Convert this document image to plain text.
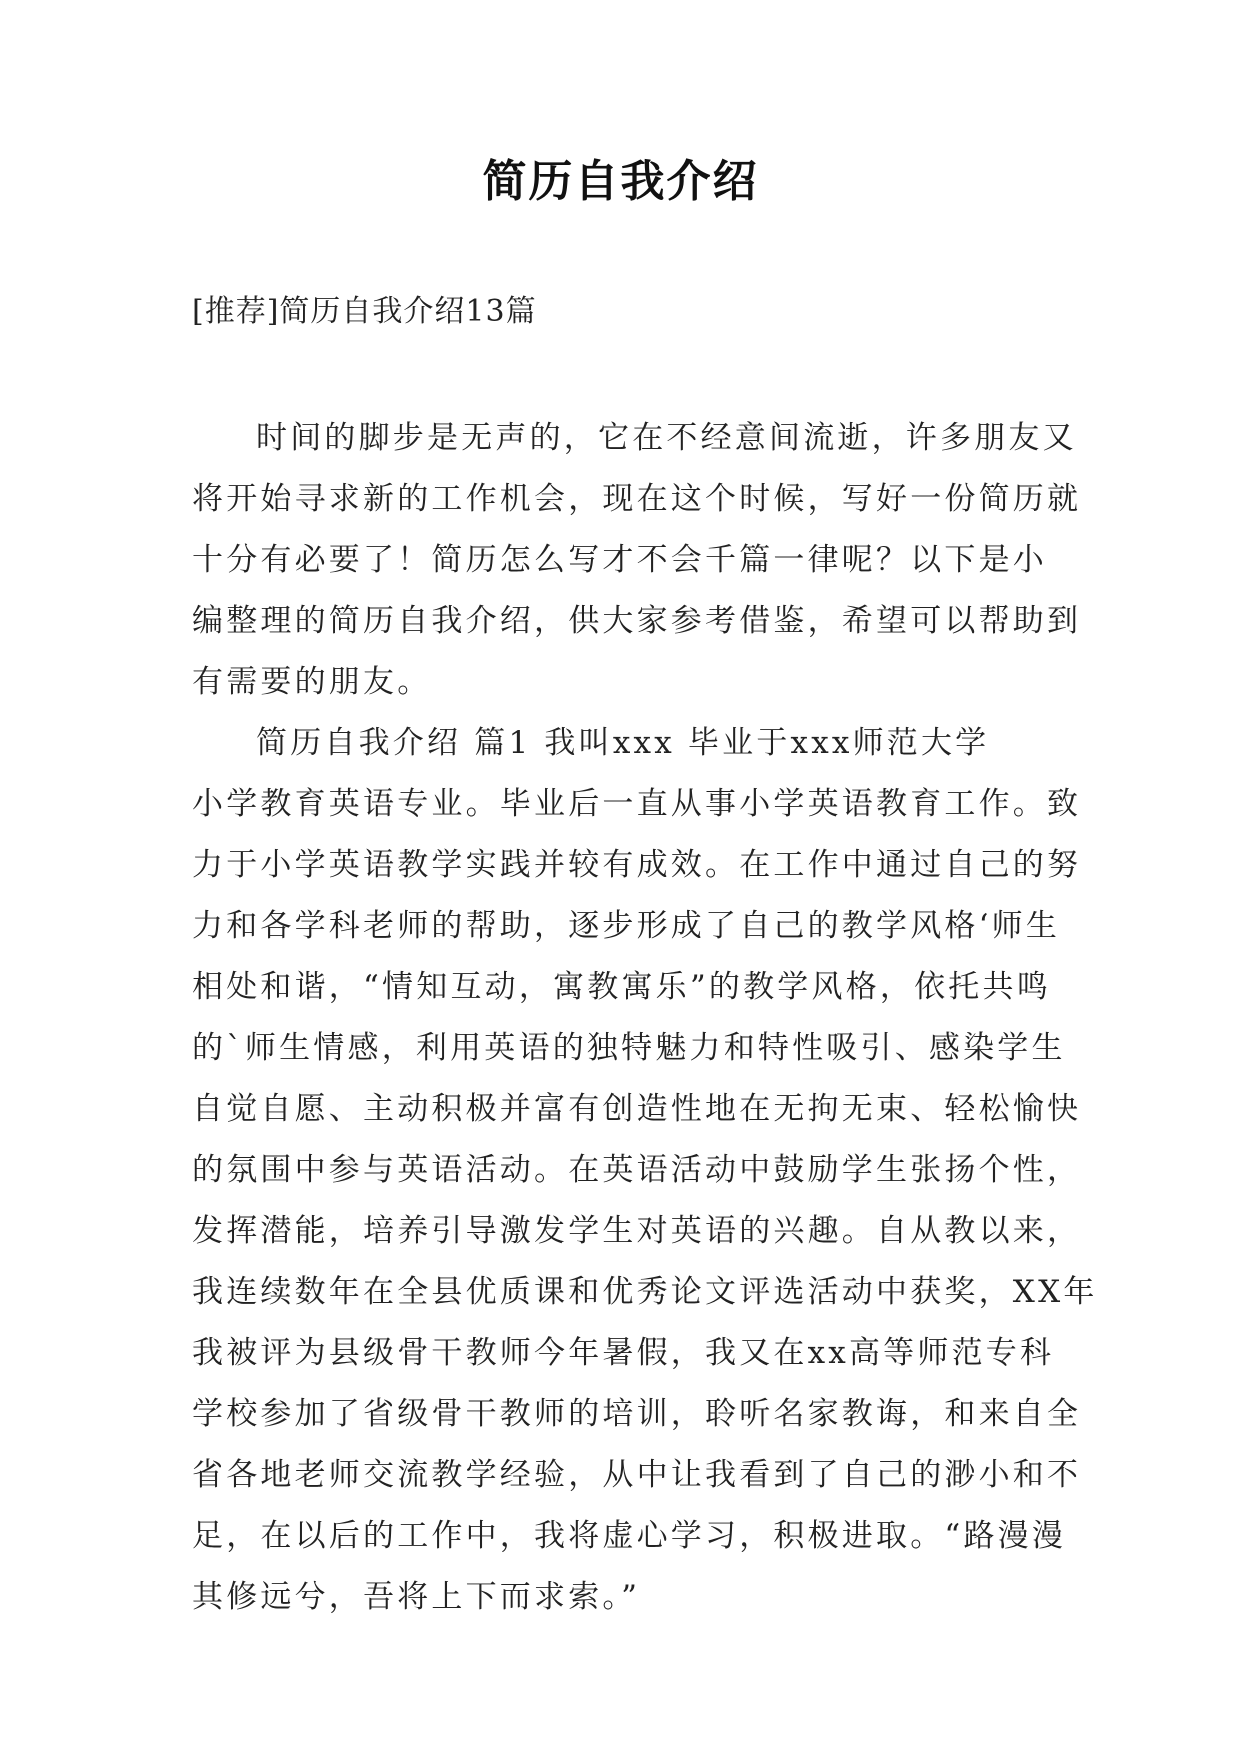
简历自我介绍
[推荐]简历自我介绍13篇
时间的脚步是无声的，它在不经意间流逝，许多朋友又
将开始寻求新的工作机会，现在这个时候，写好一份简历就
十分有必要了！简历怎么写才不会千篇一律呢？以下是小
编整理的简历自我介绍，供大家参考借鉴，希望可以帮助到
有需要的朋友。
简历自我介绍 篇1 我叫xxx 毕业于xxx师范大学
小学教育英语专业。毕业后一直从事小学英语教育工作。致
力于小学英语教学实践并较有成效。在工作中通过自己的努
力和各学科老师的帮助，逐步形成了自己的教学风格‘师生
相处和谐，“情知互动，寓教寓乐”的教学风格，依托共鸣
的`师生情感，利用英语的独特魅力和特性吸引、感染学生
自觉自愿、主动积极并富有创造性地在无拘无束、轻松愉快
的氛围中参与英语活动。在英语活动中鼓励学生张扬个性，
发挥潜能，培养引导激发学生对英语的兴趣。自从教以来，
我连续数年在全县优质课和优秀论文评选活动中获奖，XX年
我被评为县级骨干教师今年暑假，我又在xx高等师范专科
学校参加了省级骨干教师的培训，聆听名家教诲，和来自全
省各地老师交流教学经验，从中让我看到了自己的渺小和不
足，在以后的工作中，我将虚心学习，积极进取。“路漫漫
其修远兮，吾将上下而求索。”
